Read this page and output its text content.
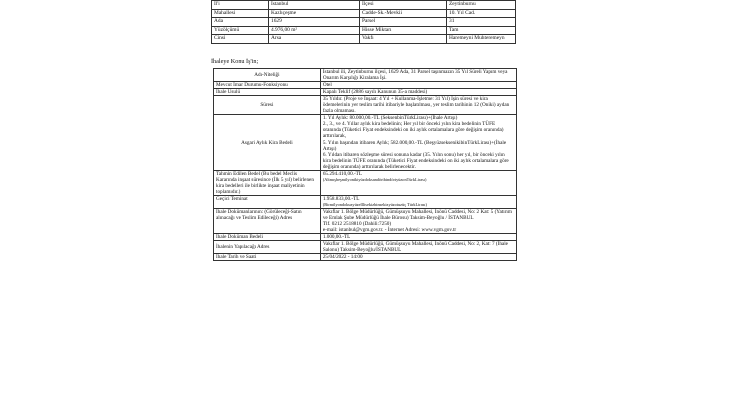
İl'i	İstanbul	İlçesi	Zeytinburnu
Mahallesi	Kazlıçeşme	Cadde-Sk.-Mevkii	10. Yıl Cad.
Ada	1629	Parsel	31
Yüzölçümü	4.976,00 m²	Hisse Miktarı	Tam
Cinsi	Arsa	Vakfı	Haremeyni Muhteremeyn
İhaleye Konu İş'in;
Adı-Niteliği	İstanbul ili, Zeytinburnu ilçesi, 1629 Ada, 31 Parsel taşınmazın 35 Yıl Süreli Yapım veya Onarım Karşılığı Kiralama İşi.
Mevcut İmar Durumu-Fonksiyonu	Otel
İhale Usulü	Kapalı Teklif (2886 sayılı Kanunun 35-a maddesi)
Süresi	35 Yıldır. (Proje ve İnşaat: 4 Yıl + Kullanma-İşletme: 31 Yıl) İşin süresi ve kira ödemelerinin yer teslim tarihi itibariyle başlatılması, yer teslim tarihinin 12 (Oniki) aydan fazla olmaması.
Asgari Aylık Kira Bedeli	1. Yıl Aylık: 80.000,00.-TL (SeksenbinTürkLirası)+(İhale Artışı)
2., 3., ve 4. Yıllar aylık kira bedelinin; Her yıl bir önceki yılın kira bedelinin TÜFE oranında (Tüketici Fiyat endeksindeki on iki aylık ortalamalara göre değişim oranında) arttırılarak,
5. Yılın başından itibaren Aylık; 582.000,00.-TL (BeşyüzseksenikibinTürkLirası)+(İhale Artışı)
6. Yıldan itibaren sözleşme süresi sonuna kadar (35. Yılın sonu) her yıl, bir önceki yılın kira bedelinin TÜFE oranında (Tüketici Fiyat endeksindeki on iki aylık ortalamalara göre değişim oranında) arttırılarak belirlenecektir.

Tahmin Edilen Bedel (Bu bedel Meclis Kararında inşaat süresince (İlk 5 yıl) belirlenen kira bedelleri ile birlikte inşaat maliyetinin toplamıdır.)	65.294.410,00.-TL
(AltmışbeşmilyonikiyüzdoksandörtbindörtyüzonTürkLirası)

Geçici Teminat	1.958.833,00.-TL
(Birmilyondokuzyüzelllisekizbinsekizyüzotuzüç TürkLirası)

İhale Dokümanlarının: (Görüleceği-Satın alınacağı ve Teslim Edileceği) Adres	Vakıflar 1. Bölge Müdürlüğü, Gümüşsuyu Mahallesi, İnönü Caddesi, No: 2 Kat: 5 (Yatırım ve Emlak Şube Müdürlüğü İhale Bürosu) Taksim-Beyoğlu / İSTANBUL
Tlf. 0212 2518810 (Dahili:7250)
e-mail: istanbul@vgm.gov.tr. - İnternet Adresi: www.vgm.gov.tr

İhale Doküman Bedeli	1.000,00.-TL
İhalenin Yapılacağı Adres	Vakıflar 1. Bölge Müdürlüğü, Gümüşsuyu Mahallesi, İnönü Caddesi, No: 2, Kat: 7 (İhale Salonu) Taksim-Beyoğlu/İSTANBUL
İhale Tarih ve Saati	25/04/2022 - 14:00
